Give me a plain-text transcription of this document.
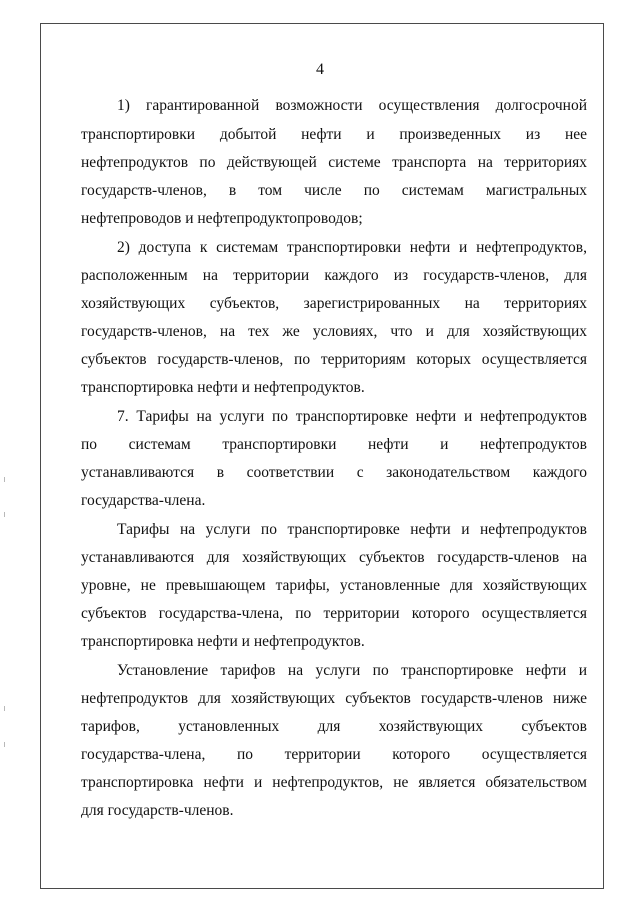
4
1) гарантированной возможности осуществления долгосрочной
транспортировки добытой нефти и произведенных из нее
нефтепродуктов по действующей системе транспорта на территориях
государств-членов, в том числе по системам магистральных
нефтепроводов и нефтепродуктопроводов;
2) доступа к системам транспортировки нефти и нефтепродуктов,
расположенным на территории каждого из государств-членов, для
хозяйствующих субъектов, зарегистрированных на территориях
государств-членов, на тех же условиях, что и для хозяйствующих
субъектов государств-членов, по территориям которых осуществляется
транспортировка нефти и нефтепродуктов.
7. Тарифы на услуги по транспортировке нефти и нефтепродуктов
по системам транспортировки нефти и нефтепродуктов
устанавливаются в соответствии с законодательством каждого
государства-члена.
Тарифы на услуги по транспортировке нефти и нефтепродуктов
устанавливаются для хозяйствующих субъектов государств-членов на
уровне, не превышающем тарифы, установленные для хозяйствующих
субъектов государства-члена, по территории которого осуществляется
транспортировка нефти и нефтепродуктов.
Установление тарифов на услуги по транспортировке нефти и
нефтепродуктов для хозяйствующих субъектов государств-членов ниже
тарифов, установленных для хозяйствующих субъектов
государства-члена, по территории которого осуществляется
транспортировка нефти и нефтепродуктов, не является обязательством
для государств-членов.
